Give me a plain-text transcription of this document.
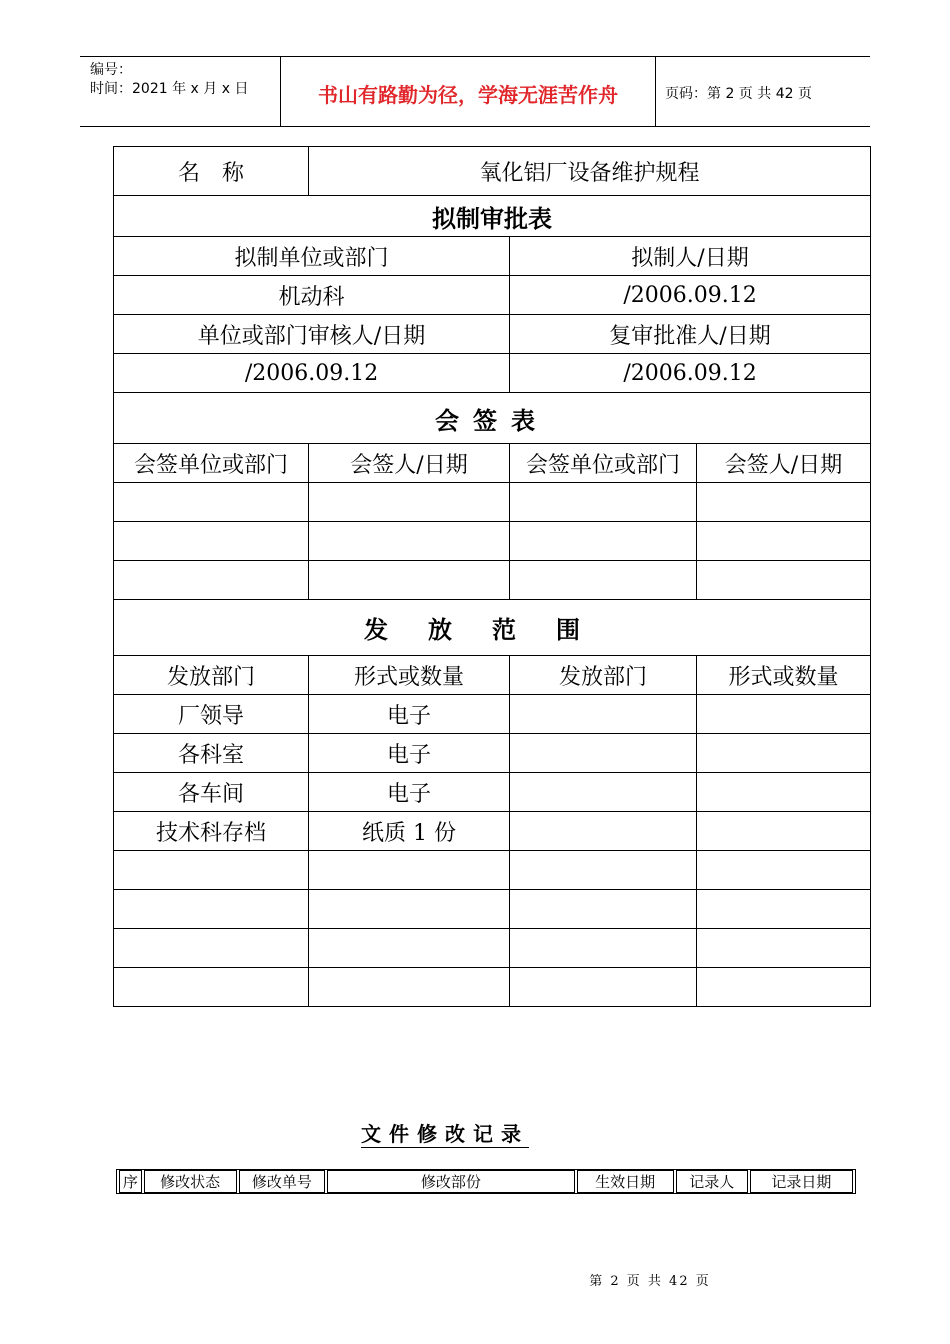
编号：
时间：2021 年 x 月 x 日	书山有路勤为径，学海无涯苦作舟	页码：第 2 页 共 42 页
名　称	氧化铝厂设备维护规程		
拟制审批表			
拟制单位或部门		拟制人/日期	
机动科		/2006.09.12	
单位或部门审核人/日期		复审批准人/日期	
/2006.09.12		/2006.09.12	
会签表			
会签单位或部门	会签人/日期	会签单位或部门	会签人/日期

发放范围			
发放部门	形式或数量	发放部门	形式或数量
厂领导	电子		
各科室	电子		
各车间	电子		
技术科存档	纸质 1 份		

文件修改记录
序	修改状态	修改单号	修改部份	生效日期	记录人	记录日期
第 2 页 共 42 页
